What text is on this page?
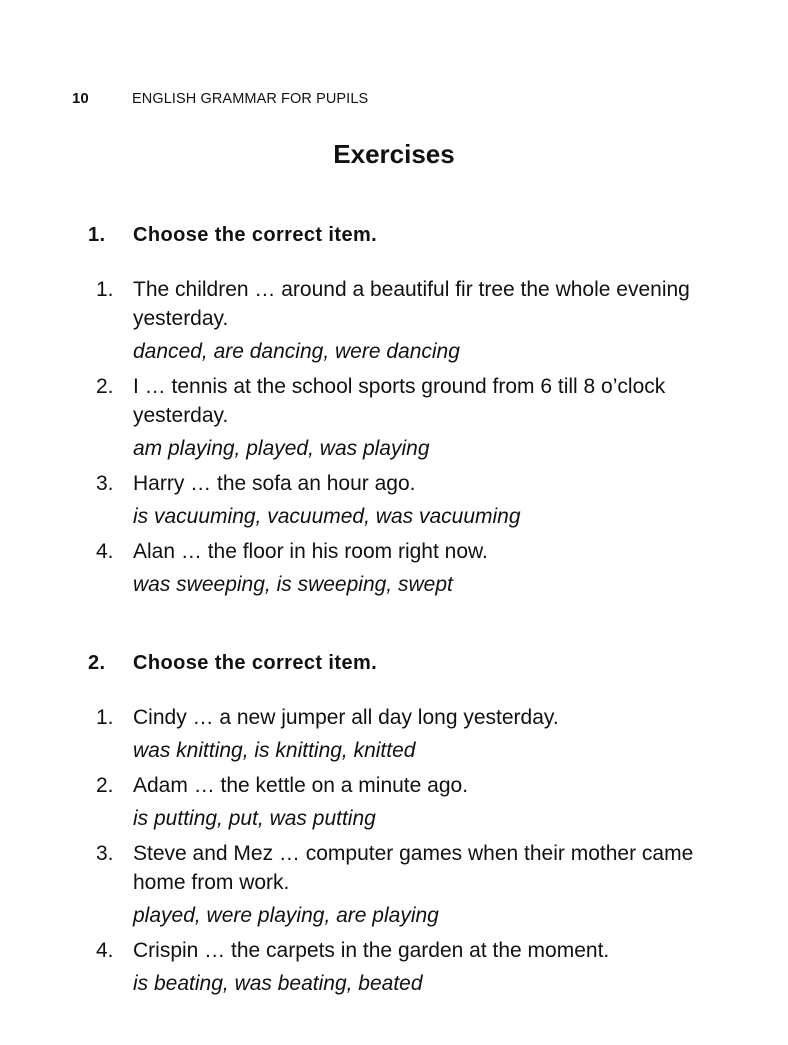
10	ENGLISH GRAMMAR FOR PUPILS
Exercises
1.	Choose the correct item.
1. The children … around a beautiful fir tree the whole evening yesterday.

danced, are dancing, were dancing

2. I … tennis at the school sports ground from 6 till 8 o’clock yesterday.

am playing, played, was playing

3. Harry … the sofa an hour ago.

is vacuuming, vacuumed, was vacuuming

4. Alan … the floor in his room right now.

was sweeping, is sweeping, swept

2.	Choose the correct item.
1. Cindy … a new jumper all day long yesterday.

was knitting, is knitting, knitted

2. Adam … the kettle on a minute ago.

is putting, put, was putting

3. Steve and Mez … computer games when their mother came home from work.

played, were playing, are playing

4. Crispin … the carpets in the garden at the moment.

is beating, was beating, beated
